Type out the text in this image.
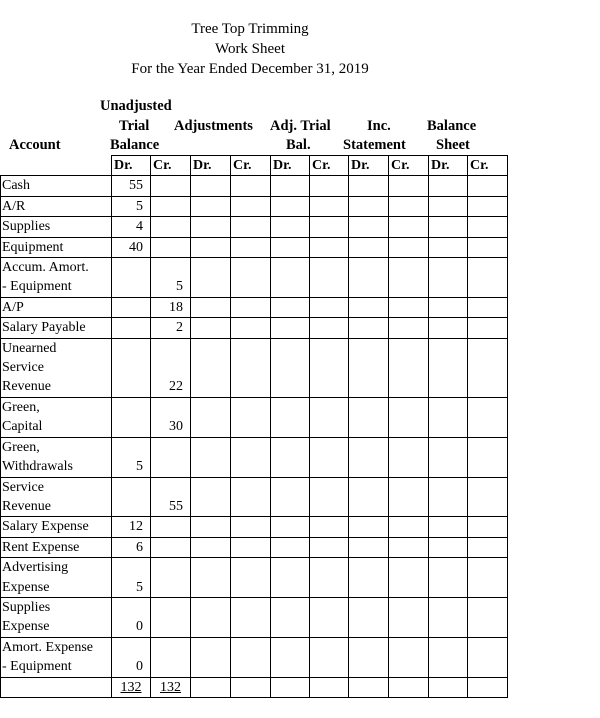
Tree Top Trimming
Work Sheet
For the Year Ended December 31, 2019
Unadjusted
Trial
Balance
Adjustments Adj. Trial
Bal.
Inc.
Statement
Balance
Sheet
Account
	Dr.	Cr.	Dr.	Cr.	Dr.	Cr.	Dr.	Cr.	Dr.	Cr.
Cash	55									
A/R	5									
Supplies	4									
Equipment	40									
Accum. Amort.
- Equipment		5								
A/P		18								
Salary Payable		2								
Unearned
Service
Revenue		22								
Green,
Capital		30								
Green,
Withdrawals	5									
Service
Revenue		55								
Salary Expense	12									
Rent Expense	6									
Advertising
Expense	5									
Supplies
Expense	0									
Amort. Expense
- Equipment	0									
	132	132								
